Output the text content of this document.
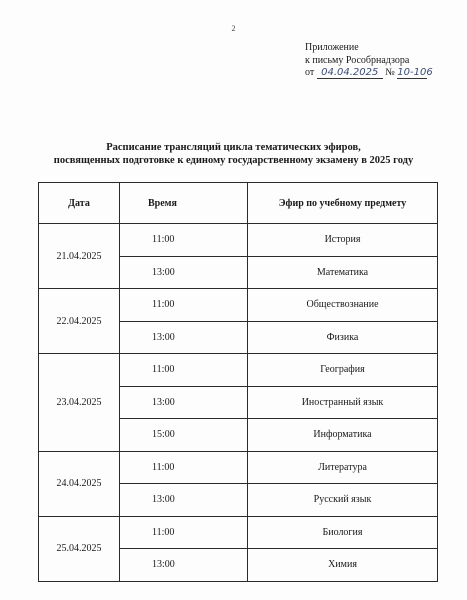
2
Приложение
к письму Рособрнадзора
от 04.04.2025 № 10-106
Расписание трансляций цикла тематических эфиров,
посвященных подготовке к единому государственному экзамену в 2025 году
Дата	Время	Эфир по учебному предмету
21.04.2025	11:00	История
	13:00	Математика
22.04.2025	11:00	Обществознание
	13:00	Физика
23.04.2025	11:00	География
	13:00	Иностранный язык
	15:00	Информатика
24.04.2025	11:00	Литература
	13:00	Русский язык
25.04.2025	11:00	Биология
	13:00	Химия
